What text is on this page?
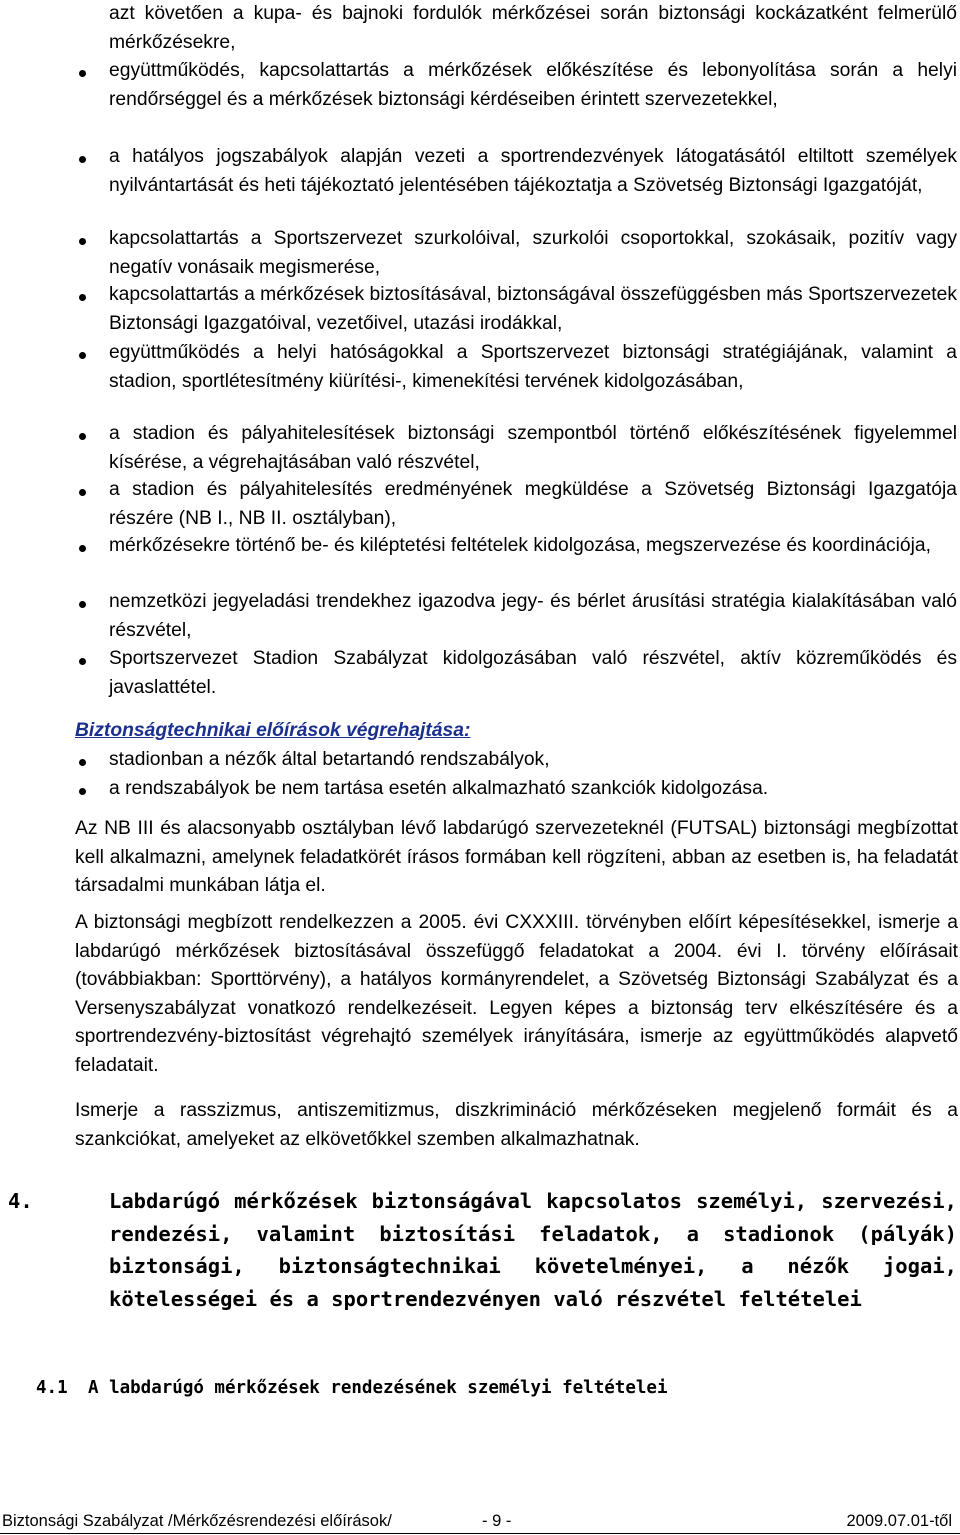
azt követően a kupa- és bajnoki fordulók mérkőzései során biztonsági kockázatként felmerülő mérkőzésekre,
együttműködés, kapcsolattartás a mérkőzések előkészítése és lebonyolítása során a helyi rendőrséggel és a mérkőzések biztonsági kérdéseiben érintett szervezetekkel,
a hatályos jogszabályok alapján vezeti a sportrendezvények látogatásától eltiltott személyek nyilvántartását és heti tájékoztató jelentésében tájékoztatja a Szövetség Biztonsági Igazgatóját,
kapcsolattartás a Sportszervezet szurkolóival, szurkolói csoportokkal, szokásaik, pozitív vagy negatív vonásaik megismerése,
kapcsolattartás a mérkőzések biztosításával, biztonságával összefüggésben más Sportszervezetek Biztonsági Igazgatóival, vezetőivel, utazási irodákkal,
együttműködés a helyi hatóságokkal a Sportszervezet biztonsági stratégiájának, valamint a stadion, sportlétesítmény kiürítési-, kimenekítési tervének kidolgozásában,
a stadion és pályahitelesítések biztonsági szempontból történő előkészítésének figyelemmel kísérése, a végrehajtásában való részvétel,
a stadion és pályahitelesítés eredményének megküldése a Szövetség Biztonsági Igazgatója részére (NB I., NB II. osztályban),
mérkőzésekre történő be- és kiléptetési feltételek kidolgozása, megszervezése és koordinációja,
nemzetközi jegyeladási trendekhez igazodva jegy- és bérlet árusítási stratégia kialakításában való részvétel,
Sportszervezet Stadion Szabályzat kidolgozásában való részvétel, aktív közreműködés és javaslattétel.
Biztonságtechnikai előírások végrehajtása:
stadionban a nézők által betartandó rendszabályok,
a rendszabályok be nem tartása esetén alkalmazható szankciók kidolgozása.
Az NB III és alacsonyabb osztályban lévő labdarúgó szervezeteknél (FUTSAL) biztonsági megbízottat kell alkalmazni, amelynek feladatkörét írásos formában kell rögzíteni, abban az esetben is, ha feladatát társadalmi munkában látja el.
A biztonsági megbízott rendelkezzen a 2005. évi CXXXIII. törvényben előírt képesítésekkel, ismerje a labdarúgó mérkőzések biztosításával összefüggő feladatokat a 2004. évi I. törvény előírásait (továbbiakban: Sporttörvény), a hatályos kormányrendelet, a Szövetség Biztonsági Szabályzat és a Versenyszabályzat vonatkozó rendelkezéseit. Legyen képes a biztonság terv elkészítésére és a sportrendezvény-biztosítást végrehajtó személyek irányítására, ismerje az együttműködés alapvető feladatait.
Ismerje a rasszizmus, antiszemitizmus, diszkrimináció mérkőzéseken megjelenő formáit és a szankciókat, amelyeket az elkövetőkkel szemben alkalmazhatnak.
4.	Labdarúgó mérkőzések biztonságával kapcsolatos személyi, szervezési, rendezési, valamint biztosítási feladatok, a stadionok (pályák) biztonsági, biztonságtechnikai követelményei, a nézők jogai, kötelességei és a sportrendezvényen való részvétel feltételei
4.1 A labdarúgó mérkőzések rendezésének személyi feltételei
Biztonsági Szabályzat /Mérkőzésrendezési előírások/	- 9 -	2009.07.01-től
